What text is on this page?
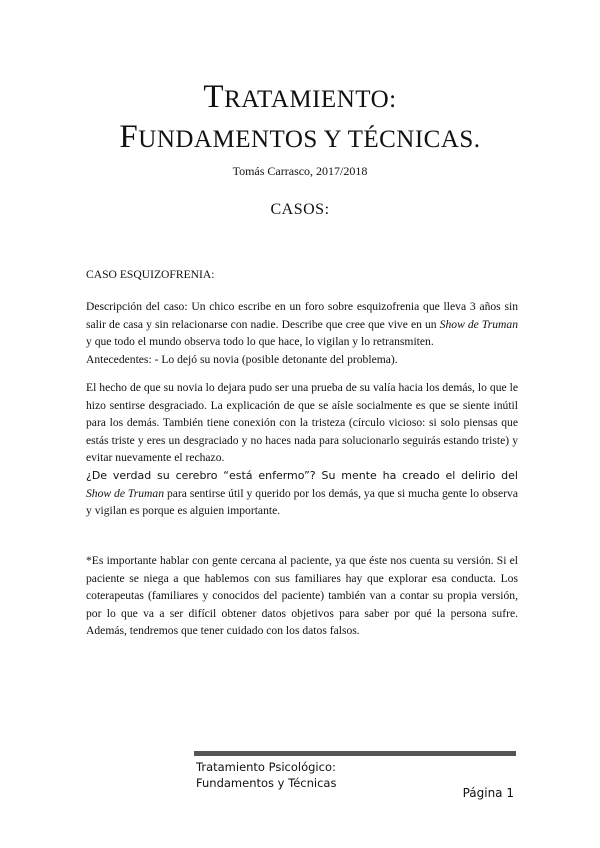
TRATAMIENTO:
FUNDAMENTOS Y TÉCNICAS.
Tomás Carrasco, 2017/2018
CASOS:

CASO ESQUIZOFRENIA:

Descripción del caso: Un chico escribe en un foro sobre esquizofrenia que lleva 3 años sin salir de casa y sin relacionarse con nadie. Describe que cree que vive en un Show de Truman y que todo el mundo observa todo lo que hace, lo vigilan y lo retransmiten.

Antecedentes: - Lo dejó su novia (posible detonante del problema).

El hecho de que su novia lo dejara pudo ser una prueba de su valía hacia los demás, lo que le hizo sentirse desgraciado. La explicación de que se aísle socialmente es que se siente inútil para los demás. También tiene conexión con la tristeza (círculo vicioso: si solo piensas que estás triste y eres un desgraciado y no haces nada para solucionarlo seguirás estando triste) y evitar nuevamente el rechazo.

¿De verdad su cerebro “está enfermo”? Su mente ha creado el delirio del Show de Truman para sentirse útil y querido por los demás, ya que si mucha gente lo observa y vigilan es porque es alguien importante.

*Es importante hablar con gente cercana al paciente, ya que éste nos cuenta su versión. Si el paciente se niega a que hablemos con sus familiares hay que explorar esa conducta. Los coterapeutas (familiares y conocidos del paciente) también van a contar su propia versión, por lo que va a ser difícil obtener datos objetivos para saber por qué la persona sufre. Además, tendremos que tener cuidado con los datos falsos.

Tratamiento Psicológico:
Fundamentos y Técnicas
Página 1
